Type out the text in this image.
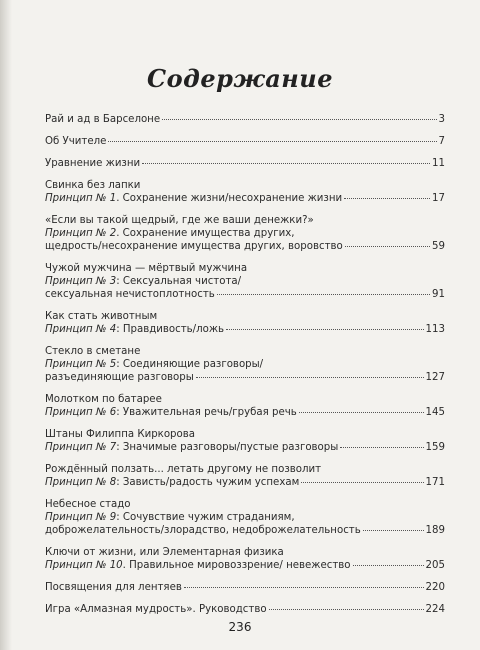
Содержание
Рай и ад в Барселоне	3
Об Учителе	7
Уравнение жизни	11
Свинка без лапки
Принцип № 1. Сохранение жизни/несохранение жизни	17
«Если вы такой щедрый, где же ваши денежки?»
Принцип № 2. Сохранение имущества других,
щедрость/несохранение имущества других, воровство	59
Чужой мужчина — мёртвый мужчина
Принцип № 3: Сексуальная чистота/
сексуальная нечистоплотность	91
Как стать животным
Принцип № 4: Правдивость/ложь	113
Стекло в сметане
Принцип № 5: Соединяющие разговоры/
разъединяющие разговоры	127
Молотком по батарее
Принцип № 6: Уважительная речь/грубая речь	145
Штаны Филиппа Киркорова
Принцип № 7: Значимые разговоры/пустые разговоры	159
Рождённый ползать... летать другому не позволит
Принцип № 8: Зависть/радость чужим успехам	171
Небесное стадо
Принцип № 9: Сочувствие чужим страданиям,
доброжелательность/злорадство, недоброжелательность	189
Ключи от жизни, или Элементарная физика
Принцип № 10. Правильное мировоззрение/ невежество	205
Посвящения для лентяев	220
Игра «Алмазная мудрость». Руководство	224
236
